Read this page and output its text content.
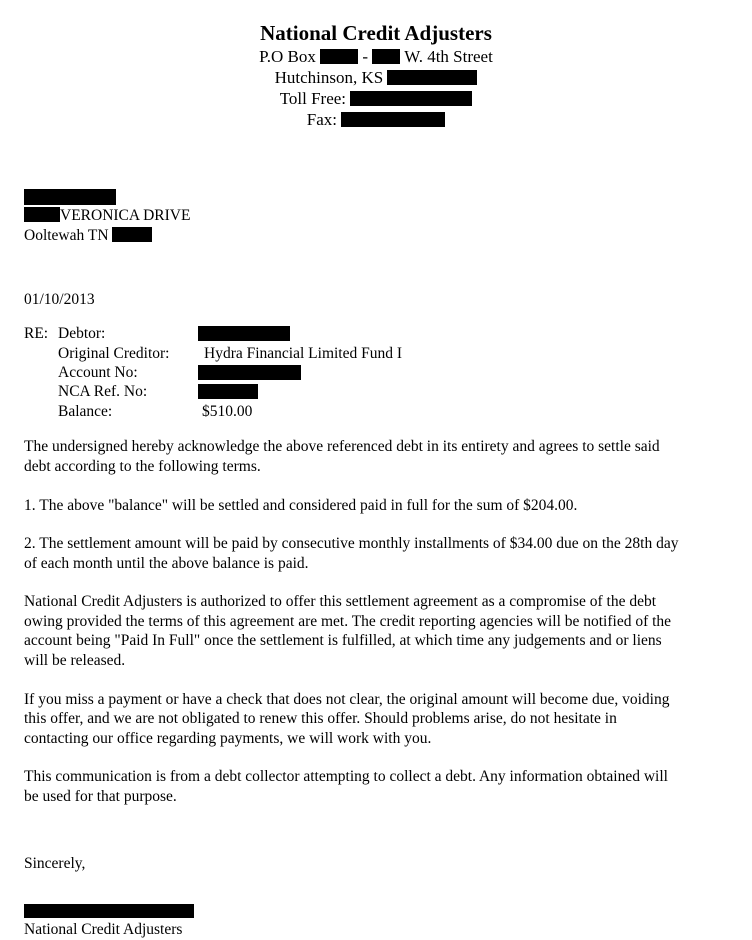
National Credit Adjusters
P.O Box	- W. 4th Street
Hutchinson, KS
Toll Free:
Fax:
VERONICA DRIVE
Ooltewah TN
01/10/2013
RE: Debtor:
Original Creditor: Hydra Financial Limited Fund I
Account No:
NCA Ref. No:
Balance:	$510.00
The undersigned hereby acknowledge the above referenced debt in its entirety and agrees to settle said
debt according to the following terms.
1. The above "balance" will be settled and considered paid in full for the sum of $204.00.
2. The settlement amount will be paid by consecutive monthly installments of $34.00 due on the 28th day
of each month until the above balance is paid.
National Credit Adjusters is authorized to offer this settlement agreement as a compromise of the debt
owing provided the terms of this agreement are met. The credit reporting agencies will be notified of the
account being "Paid In Full" once the settlement is fulfilled, at which time any judgements and or liens
will be released.
If you miss a payment or have a check that does not clear, the original amount will become due, voiding
this offer, and we are not obligated to renew this offer. Should problems arise, do not hesitate in
contacting our office regarding payments, we will work with you.
This communication is from a debt collector attempting to collect a debt. Any information obtained will
be used for that purpose.
Sincerely,
National Credit Adjusters
